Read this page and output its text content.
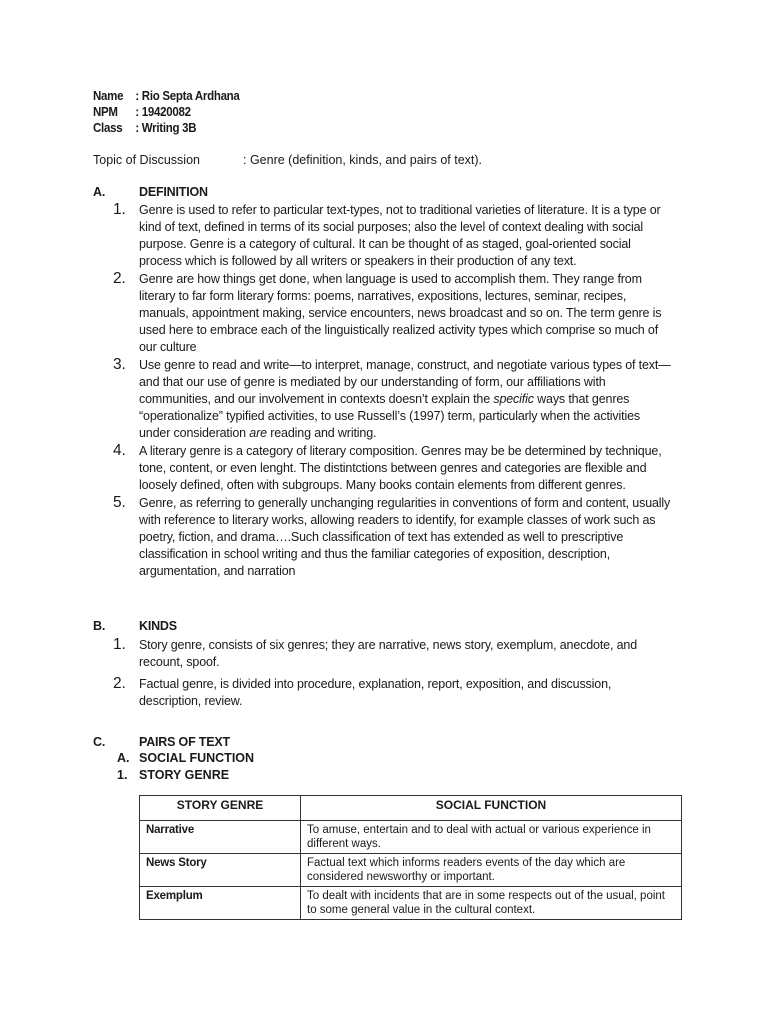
Name : Rio Septa Ardhana
NPM	: 19420082
Class	: Writing 3B
Topic of Discussion	: Genre (definition, kinds, and pairs of text).
A.	DEFINITION
1. Genre is used to refer to particular text-types, not to traditional varieties of literature. It is a type or kind of text, defined in terms of its social purposes; also the level of context dealing with social purpose. Genre is a category of cultural. It can be thought of as staged, goal-oriented social process which is followed by all writers or speakers in their production of any text.
2. Genre are how things get done, when language is used to accomplish them. They range from literary to far form literary forms: poems, narratives, expositions, lectures, seminar, recipes, manuals, appointment making, service encounters, news broadcast and so on. The term genre is used here to embrace each of the linguistically realized activity types which comprise so much of our culture
3. Use genre to read and write—to interpret, manage, construct, and negotiate various types of text—and that our use of genre is mediated by our understanding of form, our affiliations with communities, and our involvement in contexts doesn’t explain the specific ways that genres “operationalize” typified activities, to use Russell’s (1997) term, particularly when the activities under consideration are reading and writing.
4. A literary genre is a category of literary composition. Genres may be be determined by technique, tone, content, or even lenght. The distintctions between genres and categories are flexible and loosely defined, often with subgroups. Many books contain elements from different genres.
5. Genre, as referring to generally unchanging regularities in conventions of form and content, usually with reference to literary works, allowing readers to identify, for example classes of work such as poetry, fiction, and drama….Such classification of text has extended as well to prescriptive classification in school writing and thus the familiar categories of exposition, description, argumentation, and narration
B.	KINDS
1. Story genre, consists of six genres; they are narrative, news story, exemplum, anecdote, and recount, spoof.
2. Factual genre, is divided into procedure, explanation, report, exposition, and discussion, description, review.
C.	PAIRS OF TEXT
A. SOCIAL FUNCTION
1. STORY GENRE
STORY GENRE	SOCIAL FUNCTION
Narrative	To amuse, entertain and to deal with actual or various experience in different ways.
News Story	Factual text which informs readers events of the day which are considered newsworthy or important.
Exemplum	To dealt with incidents that are in some respects out of the usual, point to some general value in the cultural context.
